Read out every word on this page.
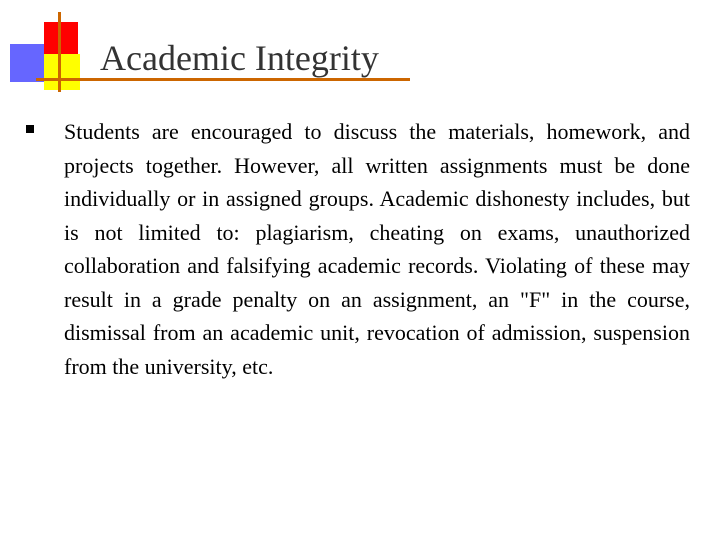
Academic Integrity
Students are encouraged to discuss the materials, homework, and projects together. However, all written assignments must be done individually or in assigned groups. Academic dishonesty includes, but is not limited to: plagiarism, cheating on exams, unauthorized collaboration and falsifying academic records. Violating of these may result in a grade penalty on an assignment, an "F" in the course, dismissal from an academic unit, revocation of admission, suspension from the university, etc.
